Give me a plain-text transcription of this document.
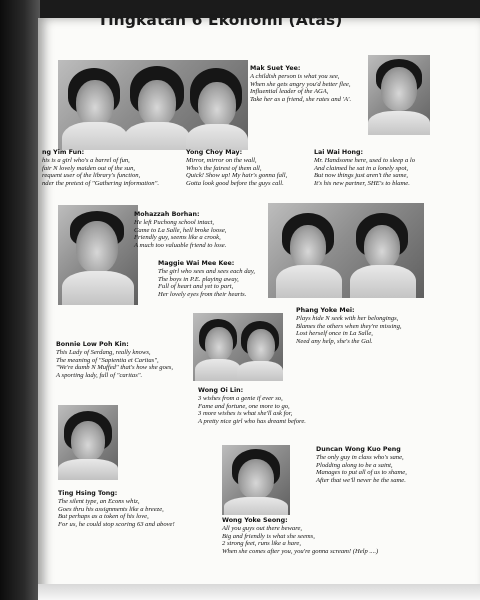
Tingkatan 6 Ekonomi (Atas)
Mak Suet Yee:
A childish person is what you see,
When she gets angry you'd better flee,
Influential leader of the AGA,
Take her as a friend, she rates and 'A'.
ng Yim Fun:
his is a girl who's a barrel of fun,
fair N lovely maiden out of the sun,
requent user of the library's function,
nder the pretext of "Gathering information".
Yong Choy May:
Mirror, mirror on the wall,
Who's the fairest of them all,
Quick! Show up! My hair's gonna fall,
Gotta look good before the guys call.
Lai Wai Hong:
Mr. Handsome here, used to sleep a lo
And claimed he sat in a lonely spot,
But now things just aren't the same,
It's his new partner, SHE's to blame.
Mohazzah Borhan:
He left Puchong school intact,
Came to La Salle, hell broke loose,
Friendly guy, seems like a crook,
A much too valuable friend to lose.
Maggie Wai Mee Kee:
The girl who sees and sees each day,
The boys in P.E. playing away,
Full of heart and yet to part,
Her lovely eyes from their hearts.
Phang Yoke Mei:
Plays hide N seek with her belongings,
Blames the others when they're missing,
Lost herself once in La Salle,
Need any help, she's the Gal.
Bonnie Low Poh Kin:
This Lady of Serdang, really knows,
The meaning of "Sapientia et Caritas",
"We're dumb N Muffed" that's how she goes,
A sporting lady, full of "caritas".
Wong Oi Lin:
3 wishes from a genie if ever so,
Fame and fortune, one more to go,
3 more wishes is what she'll ask for,
A pretty nice girl who has dreamt before.
Duncan Wong Kuo Peng
The only guy in class who's sane,
Plodding along to be a saint,
Manages to put all of us to shame,
After that we'll never be the same.
Ting Hsing Tong:
The silent type, an Econs whiz,
Goes thru his assignments like a breeze,
But perhaps as a token of his love,
For us, he could stop scoring 63 and above!
Wong Yoke Seong:
All you guys out there beware,
Big and friendly is what she seems,
2 strong feet, runs like a hare,
When she comes after you, you're gonna scream! (Help ....)
